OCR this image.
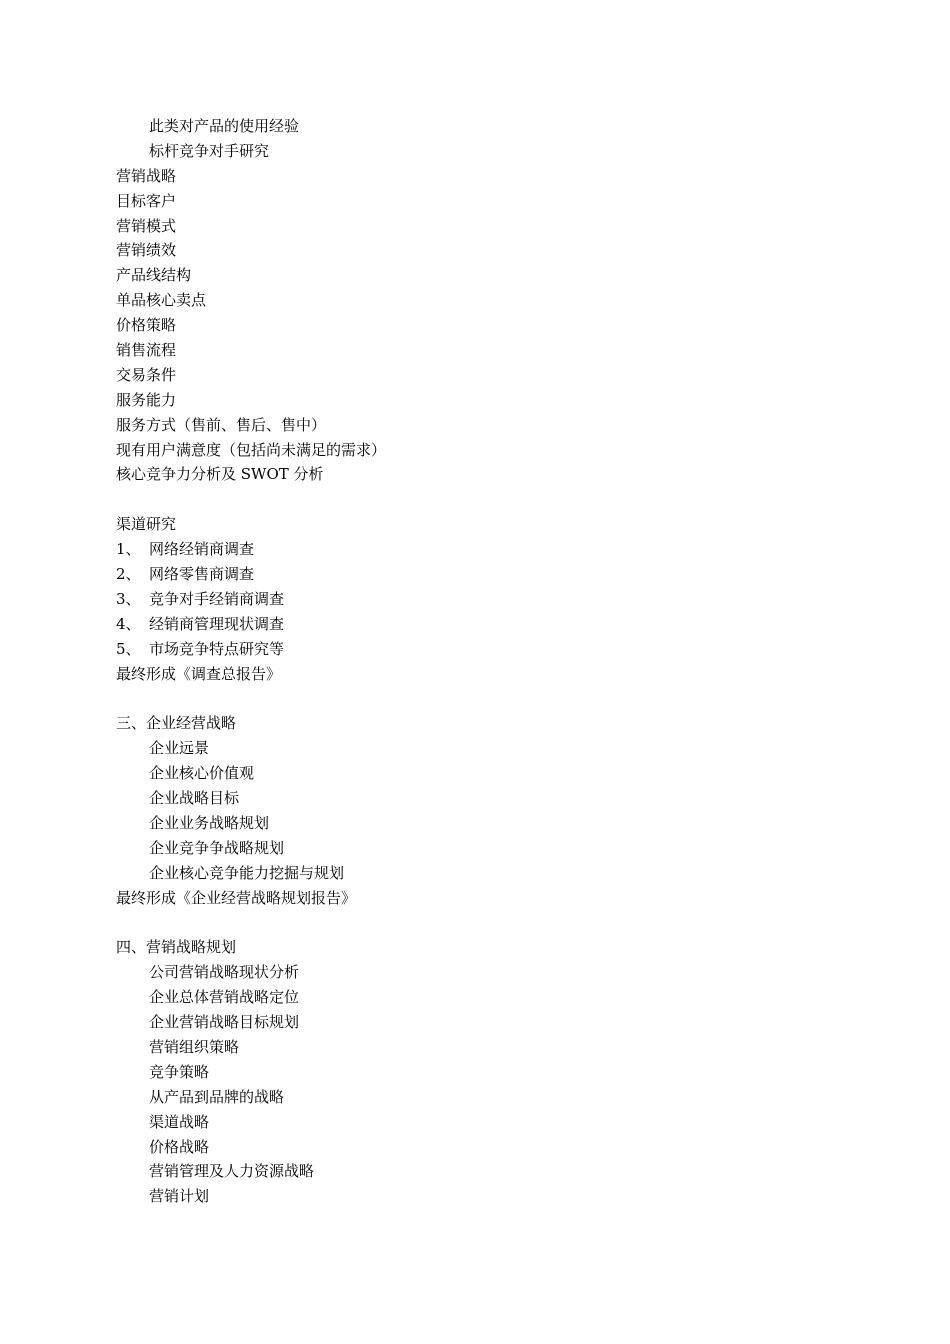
此类对产品的使用经验
标杆竞争对手研究
营销战略
目标客户
营销模式
营销绩效
产品线结构
单品核心卖点
价格策略
销售流程
交易条件
服务能力
服务方式（售前、售后、售中）
现有用户满意度（包括尚未满足的需求）
核心竞争力分析及 SWOT 分析
渠道研究
1、 网络经销商调查
2、 网络零售商调查
3、 竞争对手经销商调查
4、 经销商管理现状调查
5、 市场竞争特点研究等
最终形成《调查总报告》
三、企业经营战略
企业远景
企业核心价值观
企业战略目标
企业业务战略规划
企业竞争争战略规划
企业核心竞争能力挖掘与规划
最终形成《企业经营战略规划报告》
四、营销战略规划
公司营销战略现状分析
企业总体营销战略定位
企业营销战略目标规划
营销组织策略
竞争策略
从产品到品牌的战略
渠道战略
价格战略
营销管理及人力资源战略
营销计划
